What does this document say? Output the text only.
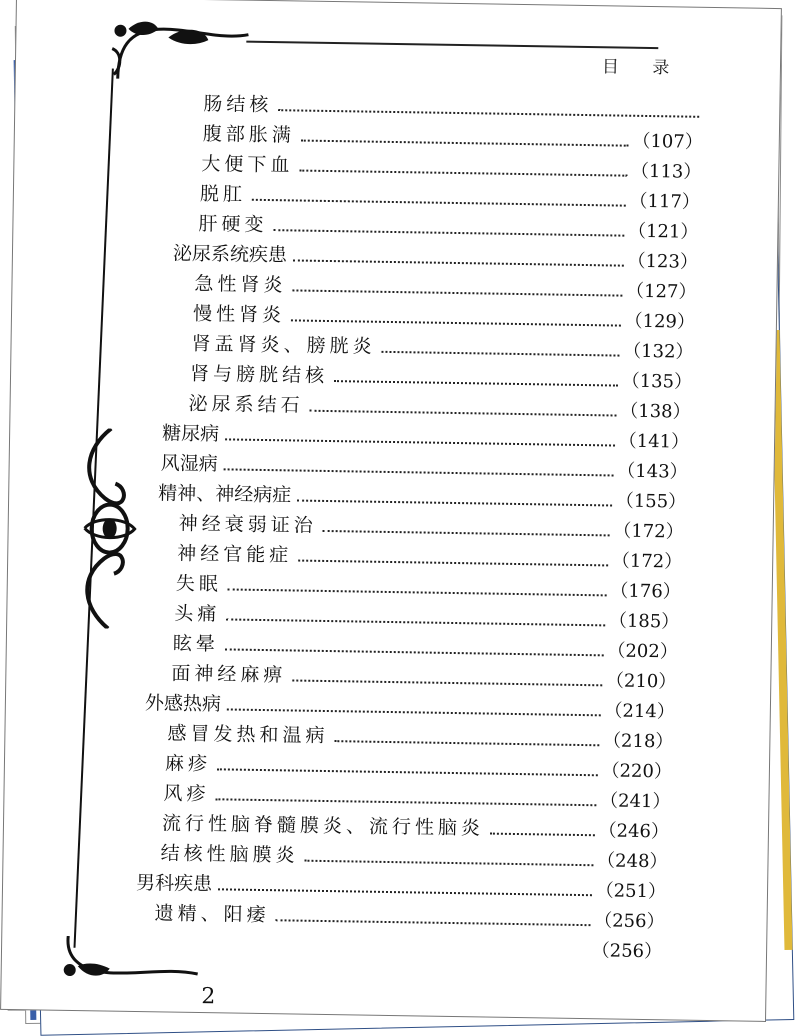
目 录
肠结核
腹部胀满	（107）
大便下血	（113）
脱肛	（117）
肝硬变	（121）
泌尿系统疾患	（123）
急性肾炎	（127）
慢性肾炎	（129）
肾盂肾炎、膀胱炎	（132）
肾与膀胱结核	（135）
泌尿系结石	（138）
糖尿病	（141）
风湿病	（143）
精神、神经病症	（155）
神经衰弱证治	（172）
神经官能症	（172）
失眠	（176）
头痛	（185）
眩晕	（202）
面神经麻痹	（210）
外感热病	（214）
感冒发热和温病	（218）
麻疹	（220）
风疹	（241）
流行性脑脊髓膜炎、流行性脑炎	（246）
结核性脑膜炎	（248）
男科疾患	（251）
遗精、阳痿	（256）
（256）
2
